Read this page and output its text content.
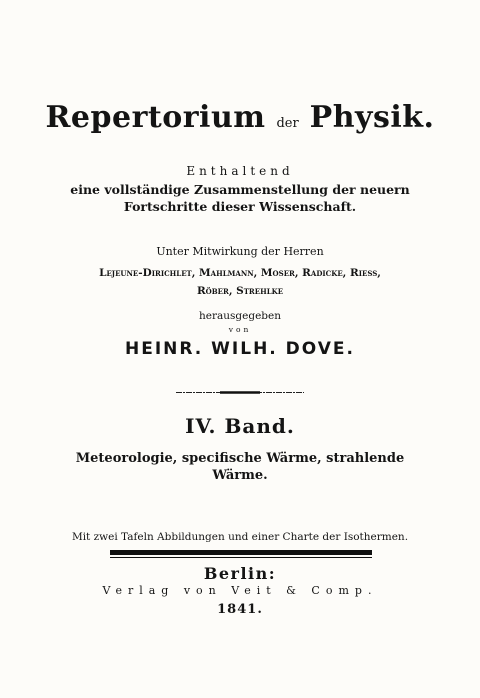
Repertorium der Physik.
Enthaltend
eine vollständige Zusammenstellung der neuern
Fortschritte dieser Wissenschaft.
Unter Mitwirkung der Herren
Lejeune-Dirichlet, Mahlmann, Moser, Radicke, Riess,
Röber, Strehlke
herausgegeben
von
HEINR. WILH. DOVE.
IV. Band.
Meteorologie, specifische Wärme, strahlende
Wärme.
Mit zwei Tafeln Abbildungen und einer Charte der Isothermen.
Berlin:
Verlag von Veit & Comp.
1841.
